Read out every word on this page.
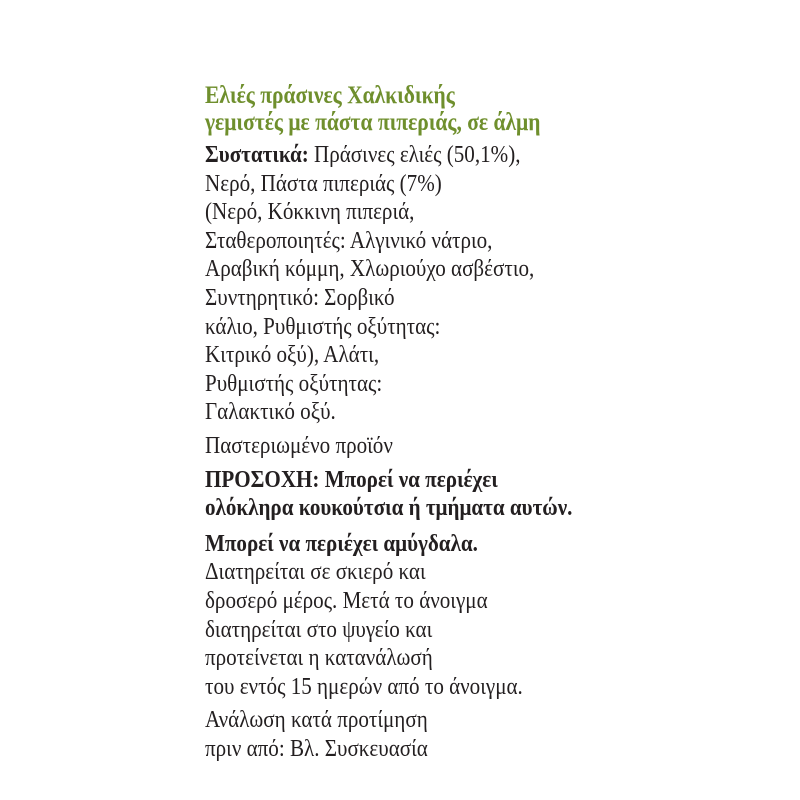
Ελιές πράσινες Χαλκιδικής
γεμιστές με πάστα πιπεριάς, σε άλμη
Συστατικά: Πράσινες ελιές (50,1%),
Νερό, Πάστα πιπεριάς (7%)
(Νερό, Κόκκινη πιπεριά,
Σταθεροποιητές: Αλγινικό νάτριο,
Αραβική κόμμη, Χλωριούχο ασβέστιο,
Συντηρητικό: Σορβικό
κάλιο, Ρυθμιστής οξύτητας:
Κιτρικό οξύ), Αλάτι,
Ρυθμιστής οξύτητας:
Γαλακτικό οξύ.
Παστεριωμένο προϊόν
ΠΡΟΣΟΧΗ: Μπορεί να περιέχει
ολόκληρα κουκούτσια ή τμήματα αυτών.
Μπορεί να περιέχει αμύγδαλα.
Διατηρείται σε σκιερό και
δροσερό μέρος. Μετά το άνοιγμα
διατηρείται στο ψυγείο και
προτείνεται η κατανάλωσή
του εντός 15 ημερών από το άνοιγμα.
Ανάλωση κατά προτίμηση
πριν από: Βλ. Συσκευασία
